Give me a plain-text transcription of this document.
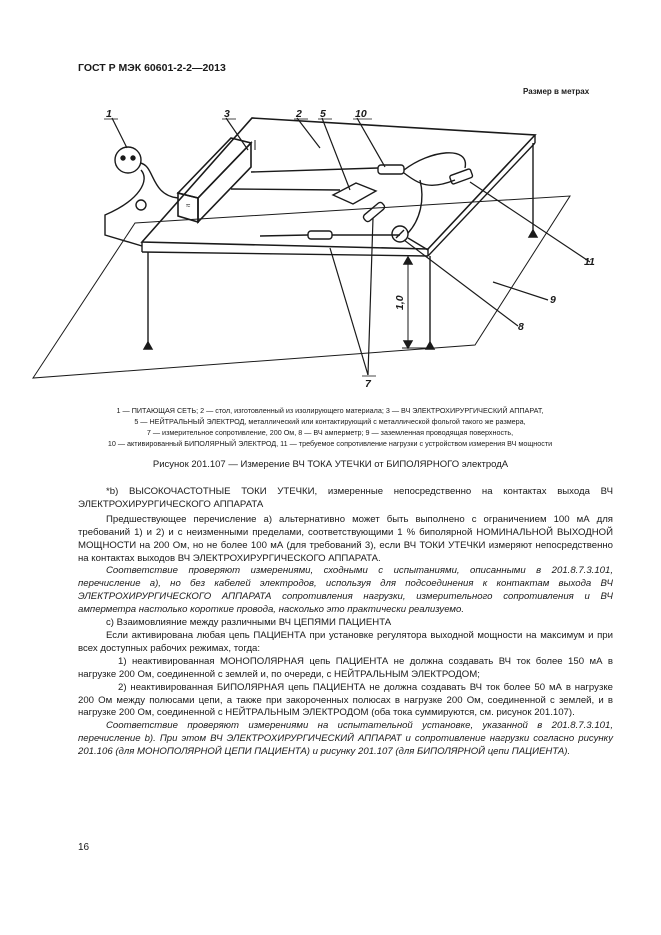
ГОСТ Р МЭК 60601-2-2—2013
Размер в метрах
≈
1	3	2 5	10
7
8
9
11
1,0
1 — ПИТАЮЩАЯ СЕТЬ; 2 — стол, изготовленный из изолирующего материала; 3 — ВЧ ЭЛЕКТРОХИРУРГИЧЕСКИЙ АППАРАТ,
5 — НЕЙТРАЛЬНЫЙ ЭЛЕКТРОД, металлический или контактирующий с металлической фольгой такого же размера,
7 — измерительное сопротивление, 200 Ом, 8 — ВЧ амперметр; 9 — заземленная проводящая поверхность,
10 — активированный БИПОЛЯРНЫЙ ЭЛЕКТРОД, 11 — требуемое сопротивление нагрузки с устройством измерения ВЧ мощности
Рисунок 201.107 — Измерение ВЧ ТОКА УТЕЧКИ от БИПОЛЯРНОГО электродА

*b) ВЫСОКОЧАСТОТНЫЕ ТОКИ УТЕЧКИ, измеренные непосредственно на контактах выхода ВЧ ЭЛЕКТРОХИРУРГИЧЕСКОГО АППАРАТА

Предшествующее перечисление а) альтернативно может быть выполнено с ограничением 100 мА для требований 1) и 2) и с неизменными пределами, соответствующими 1 % биполярной НОМИНАЛЬНОЙ ВЫХОДНОЙ МОЩНОСТИ на 200 Ом, но не более 100 мА (для требований 3), если ВЧ ТОКИ УТЕЧКИ измеряют непосредственно на контактах выходов ВЧ ЭЛЕКТРОХИРУРГИЧЕСКОГО АППАРАТА.

Соответствие проверяют измерениями, сходными с испытаниями, описанными в 201.8.7.3.101, перечисление а), но без кабелей электродов, используя для подсоединения к контактам выхода ВЧ ЭЛЕКТРОХИРУРГИЧЕСКОГО АППАРАТА сопротивления нагрузки, измерительного сопротивления и ВЧ амперметра настолько короткие провода, насколько это практически реализуемо.

c) Взаимовлияние между различными ВЧ ЦЕПЯМИ ПАЦИЕНТА

Если активирована любая цепь ПАЦИЕНТА при установке регулятора выходной мощности на максимум и при всех доступных рабочих режимах, тогда:

1) неактивированная МОНОПОЛЯРНАЯ цепь ПАЦИЕНТА не должна создавать ВЧ ток более 150 мА в нагрузке 200 Ом, соединенной с землей и, по очереди, с НЕЙТРАЛЬНЫМ ЭЛЕКТРОДОМ;

2) неактивированная БИПОЛЯРНАЯ цепь ПАЦИЕНТА не должна создавать ВЧ ток более 50 мА в нагрузке 200 Ом между полюсами цепи, а также при закороченных полюсах в нагрузке 200 Ом, соединенной с землей, и в нагрузке 200 Ом, соединенной с НЕЙТРАЛЬНЫМ ЭЛЕКТРОДОМ (оба тока суммируются, см. рисунок 201.107).

Соответствие проверяют измерениями на испытательной установке, указанной в 201.8.7.3.101, перечисление b). При этом ВЧ ЭЛЕКТРОХИРУРГИЧЕСКИЙ АППАРАТ и сопротивление нагрузки согласно рисунку 201.106 (для МОНОПОЛЯРНОЙ ЦЕПИ ПАЦИЕНТА) и рисунку 201.107 (для БИПОЛЯРНОЙ цепи ПАЦИЕНТА).

16
